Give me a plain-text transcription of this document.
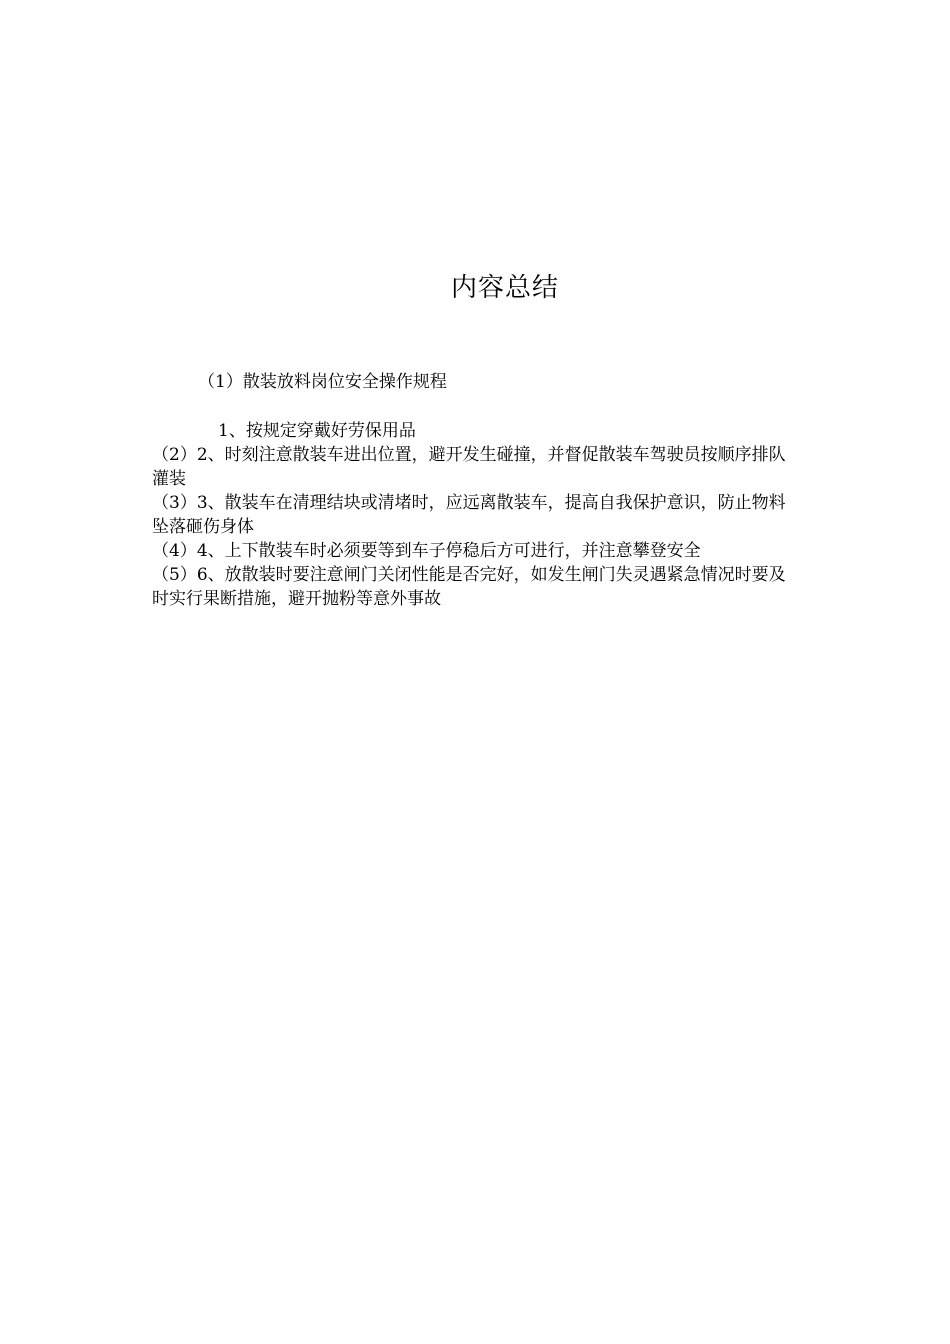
内容总结

（1）散装放料岗位安全操作规程

1、按规定穿戴好劳保用品

（2）2、时刻注意散装车进出位置，避开发生碰撞，并督促散装车驾驶员按顺序排队灌装

（3）3、散装车在清理结块或清堵时，应远离散装车，提高自我保护意识，防止物料坠落砸伤身体

（4）4、上下散装车时必须要等到车子停稳后方可进行，并注意攀登安全

（5）6、放散装时要注意闸门关闭性能是否完好，如发生闸门失灵遇紧急情况时要及时实行果断措施，避开抛粉等意外事故
